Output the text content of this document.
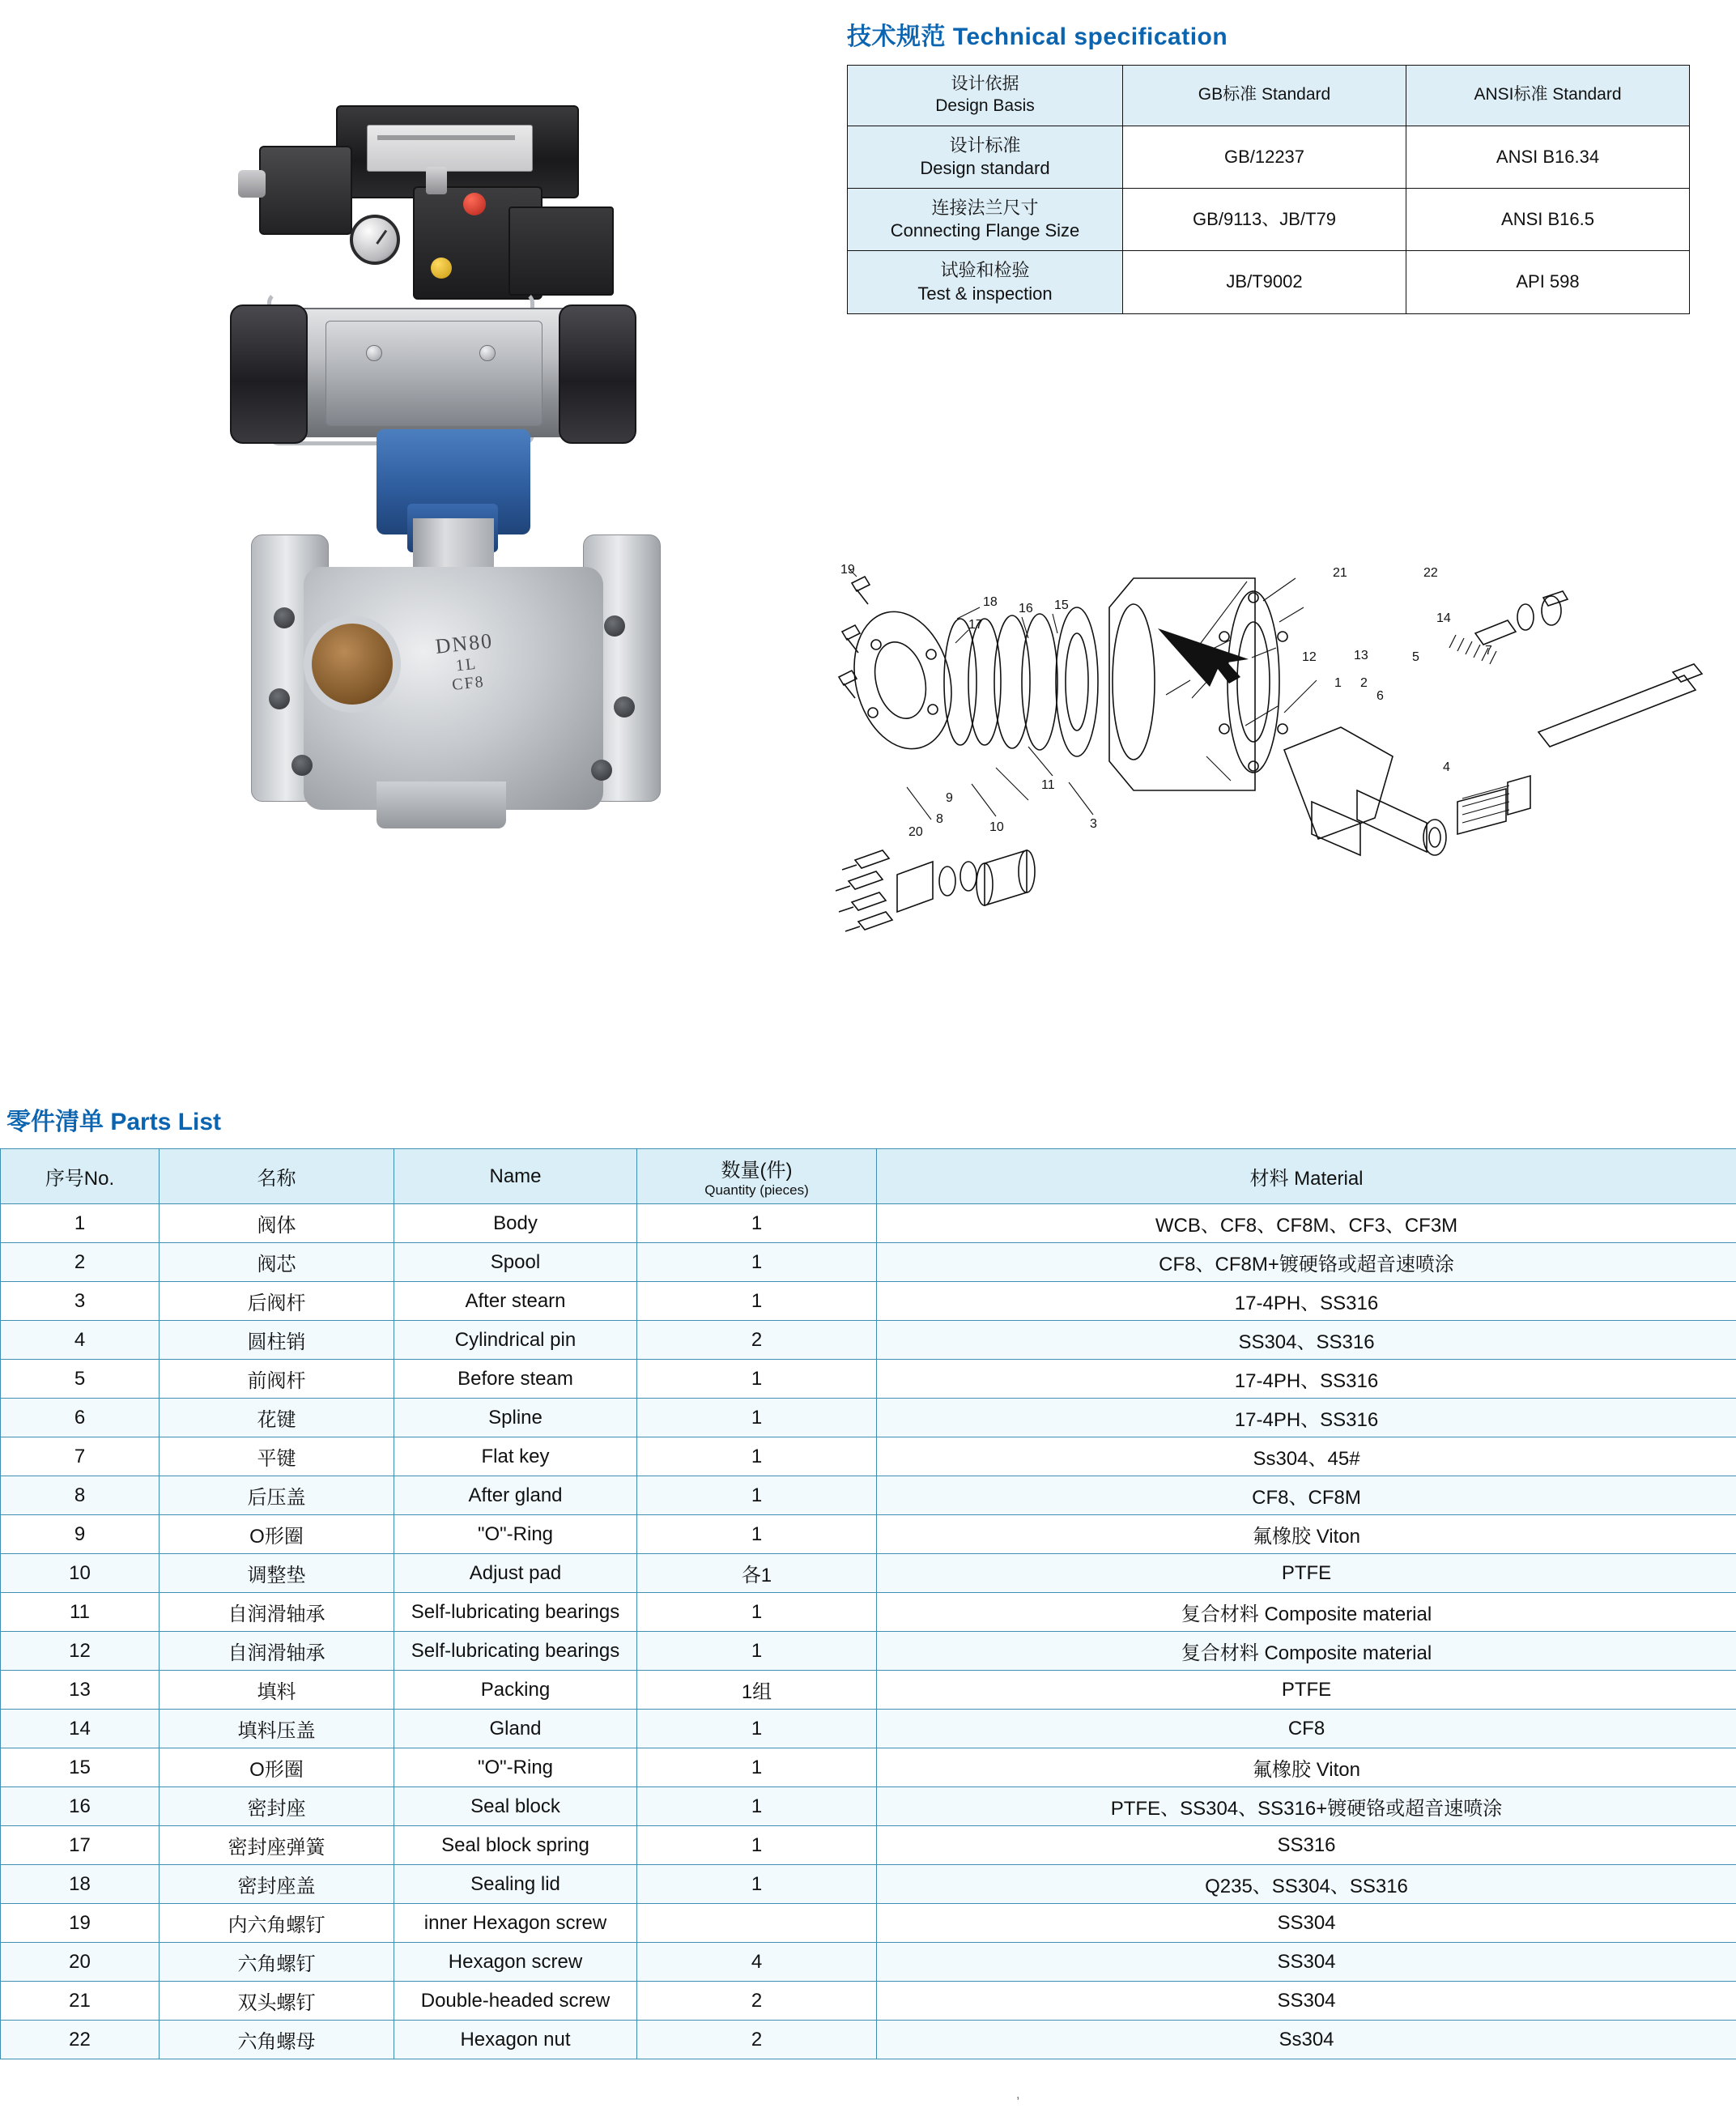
DN80
1L
CF8
技术规范 Technical specification
设计依据
Design Basis	GB标准 Standard	ANSI标准 Standard

设计标准
Design standard	GB/12237	ANSI B16.34

连接法兰尺寸
Connecting Flange Size	GB/9113、JB/T79	ANSI B16.5

试验和检验
Test & inspection	JB/T9002	API 598
19
18
17
16 15
21	22
14
12	13	5	7
1 2
6
4
11
9
8
10	3
20
零件清单 Parts List
序号No.	名称	Name	数量(件)
Quantity (pieces)	材料 Material
1	阀体	Body	1	WCB、CF8、CF8M、CF3、CF3M
2	阀芯	Spool	1	CF8、CF8M+镀硬铬或超音速喷涂
3	后阀杆	After stearn	1	17-4PH、SS316
4	圆柱销	Cylindrical pin	2	SS304、SS316
5	前阀杆	Before steam	1	17-4PH、SS316
6	花键	Spline	1	17-4PH、SS316
7	平键	Flat key	1	Ss304、45#
8	后压盖	After gland	1	CF8、CF8M
9	O形圈	"O"-Ring	1	氟橡胶 Viton
10	调整垫	Adjust pad	各1	PTFE
11	自润滑轴承	Self-lubricating bearings	1	复合材料 Composite material
12	自润滑轴承	Self-lubricating bearings	1	复合材料 Composite material
13	填料	Packing	1组	PTFE
14	填料压盖	Gland	1	CF8
15	O形圈	"O"-Ring	1	氟橡胶 Viton
16	密封座	Seal block	1	PTFE、SS304、SS316+镀硬铬或超音速喷涂
17	密封座弹簧	Seal block spring	1	SS316
18	密封座盖	Sealing lid	1	Q235、SS304、SS316
19	内六角螺钉	inner Hexagon screw		SS304
20	六角螺钉	Hexagon screw	4	SS304
21	双头螺钉	Double-headed screw	2	SS304
22	六角螺母	Hexagon nut	2	Ss304
,
